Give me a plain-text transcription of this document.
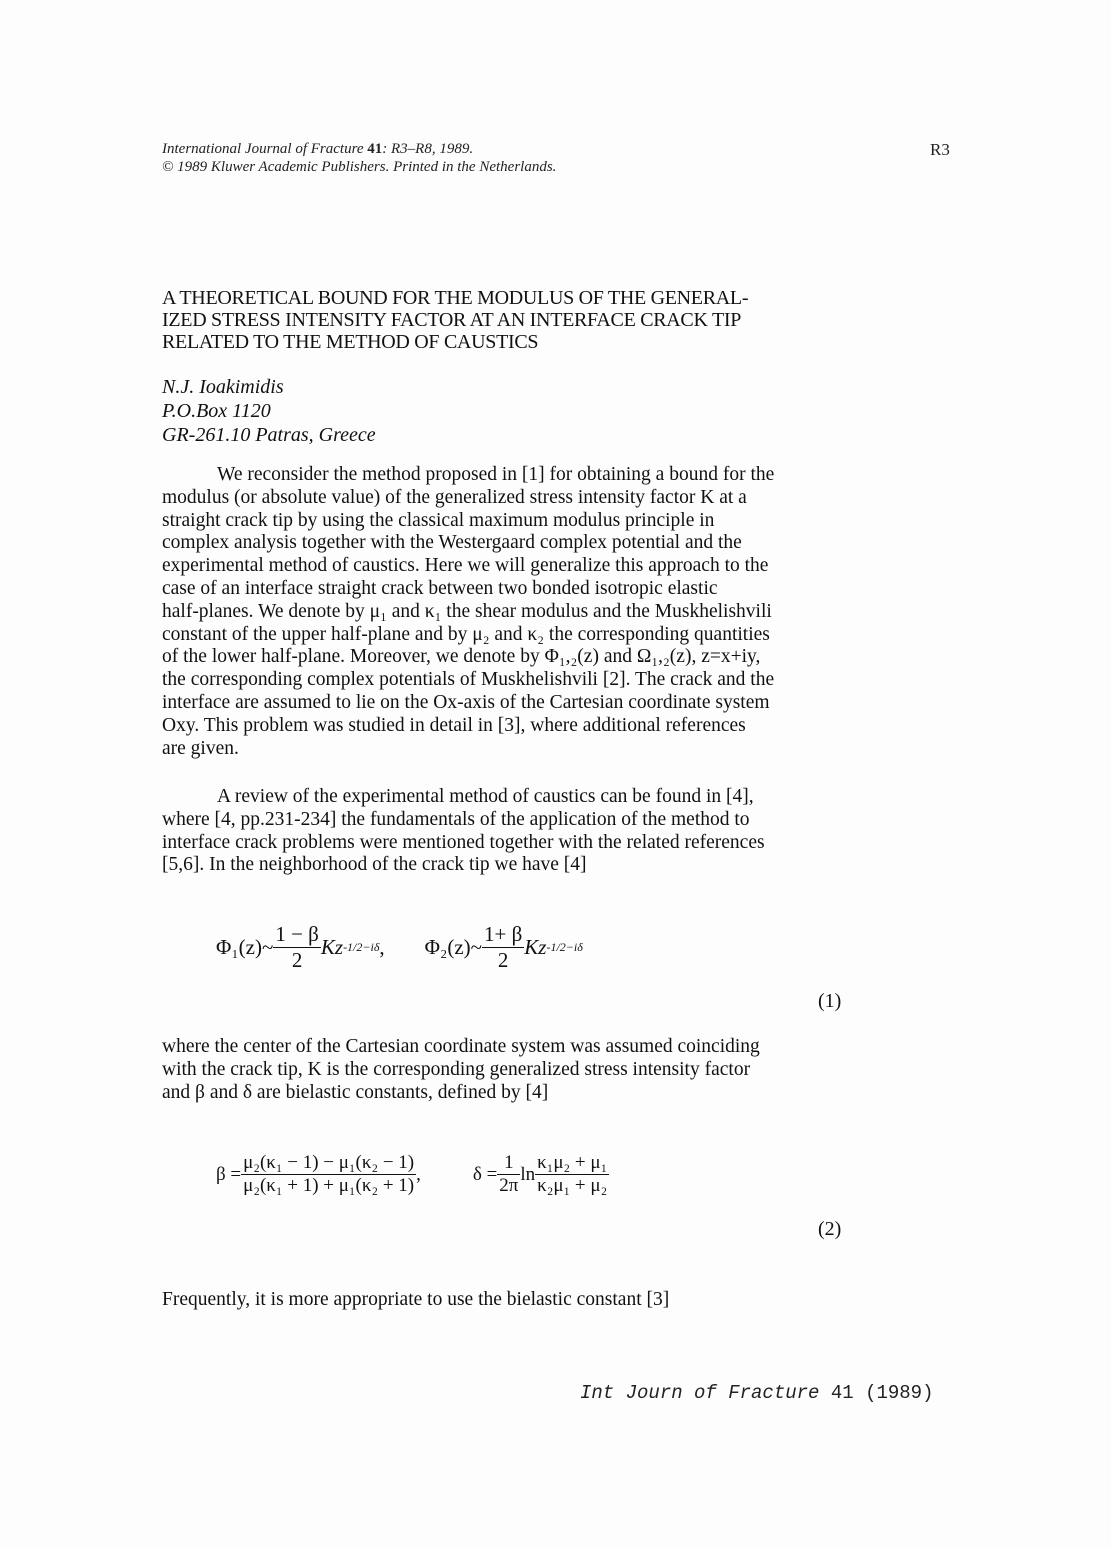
International Journal of Fracture 41: R3–R8, 1989.
© 1989 Kluwer Academic Publishers. Printed in the Netherlands.
R3
A THEORETICAL BOUND FOR THE MODULUS OF THE GENERAL-
IZED STRESS INTENSITY FACTOR AT AN INTERFACE CRACK TIP
RELATED TO THE METHOD OF CAUSTICS
N.J. Ioakimidis
P.O.Box 1120
GR-261.10 Patras, Greece
We reconsider the method proposed in [1] for obtaining a bound for the
modulus (or absolute value) of the generalized stress intensity factor K at a
straight crack tip by using the classical maximum modulus principle in
complex analysis together with the Westergaard complex potential and the
experimental method of caustics. Here we will generalize this approach to the
case of an interface straight crack between two bonded isotropic elastic
half-planes. We denote by μ₁ and κ₁ the shear modulus and the Muskhelishvili
constant of the upper half-plane and by μ₂ and κ₂ the corresponding quantities
of the lower half-plane. Moreover, we denote by Φ₁,₂(z) and Ω₁,₂(z), z=x+iy,
the corresponding complex potentials of Muskhelishvili [2]. The crack and the
interface are assumed to lie on the Ox-axis of the Cartesian coordinate system
Oxy. This problem was studied in detail in [3], where additional references
are given.
A review of the experimental method of caustics can be found in [4],
where [4, pp.231-234] the fundamentals of the application of the method to
interface crack problems were mentioned together with the related references
[5,6]. In the neighborhood of the crack tip we have [4]
Φ₁(z)~ $\frac{1 - \beta}{2}$ Kz -1/2−iδ , Φ₂(z)~ $\frac{1+ \beta}{2}$ Kz -1/2−iδ
(1)
where the center of the Cartesian coordinate system was assumed coinciding
with the crack tip, K is the corresponding generalized stress intensity factor
and β and δ are bielastic constants, defined by [4]
$\beta = \frac{\text{μ₂(κ₁ − 1) − μ₁(κ₂ − 1)}}{\text{μ₂(κ₁ + 1) + μ₁(κ₂ + 1)}}$ ,	$\delta = \frac{1}{2\pi}$ $\ln \frac{\text{κ₁μ₂ + μ₁}}{\text{κ₂μ₁ + μ₂}}$
(2)
Frequently, it is more appropriate to use the bielastic constant [3]
Int Journ of Fracture 41 (1989)
